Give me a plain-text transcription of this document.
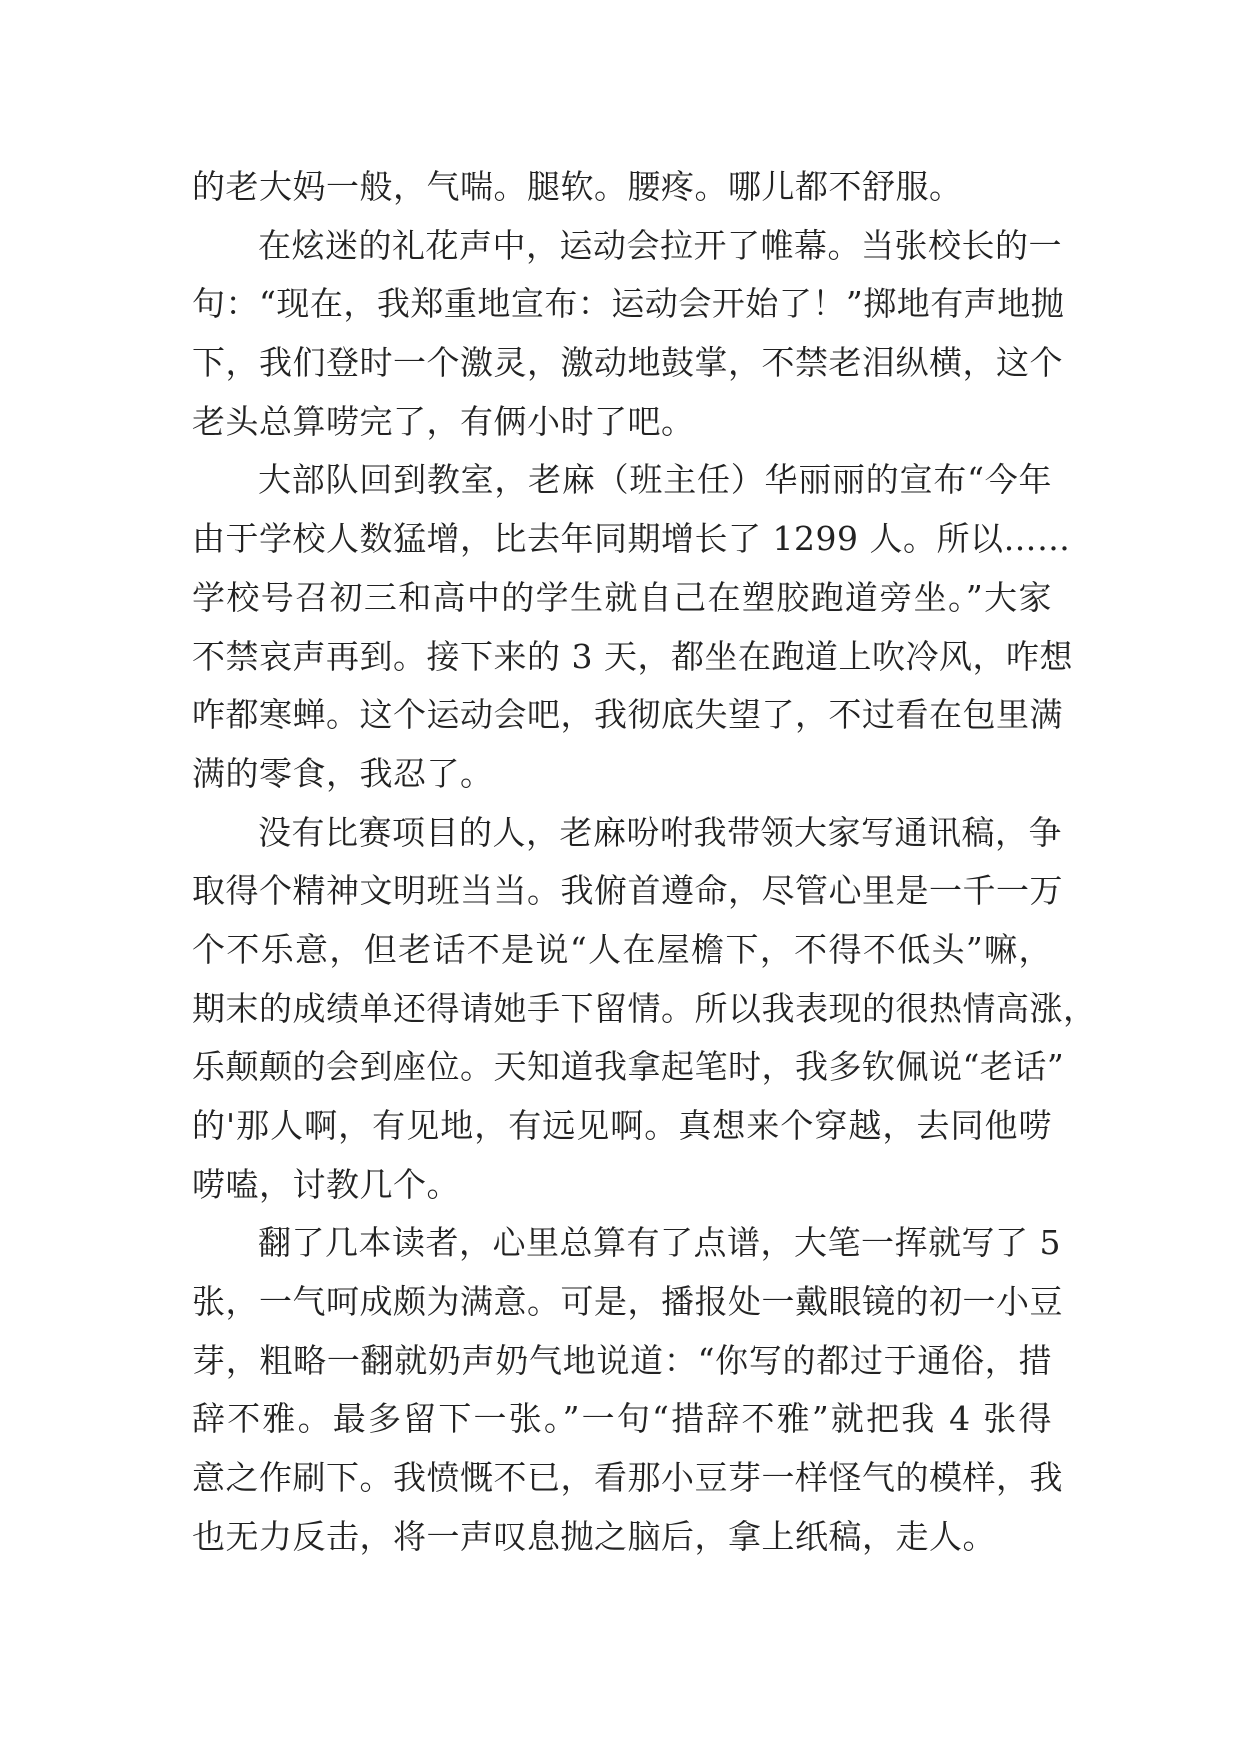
的老大妈一般，气喘。腿软。腰疼。哪儿都不舒服。
在炫迷的礼花声中，运动会拉开了帷幕。当张校长的一
句：“现在，我郑重地宣布：运动会开始了！”掷地有声地抛
下，我们登时一个激灵，激动地鼓掌，不禁老泪纵横，这个
老头总算唠完了，有俩小时了吧。
大部队回到教室，老麻（班主任）华丽丽的宣布“今年
由于学校人数猛增，比去年同期增长了 1299 人。所以……
学校号召初三和高中的学生就自己在塑胶跑道旁坐。”大家
不禁哀声再到。接下来的 3 天，都坐在跑道上吹冷风，咋想
咋都寒蝉。这个运动会吧，我彻底失望了，不过看在包里满
满的零食，我忍了。
没有比赛项目的人，老麻吩咐我带领大家写通讯稿，争
取得个精神文明班当当。我俯首遵命，尽管心里是一千一万
个不乐意，但老话不是说“人在屋檐下，不得不低头”嘛，
期末的成绩单还得请她手下留情。所以我表现的很热情高涨，
乐颠颠的会到座位。天知道我拿起笔时，我多钦佩说“老话”
的'那人啊，有见地，有远见啊。真想来个穿越，去同他唠
唠嗑，讨教几个。
翻了几本读者，心里总算有了点谱，大笔一挥就写了 5
张，一气呵成颇为满意。可是，播报处一戴眼镜的初一小豆
芽，粗略一翻就奶声奶气地说道：“你写的都过于通俗，措
辞不雅。最多留下一张。”一句“措辞不雅”就把我 4 张得
意之作刷下。我愤慨不已，看那小豆芽一样怪气的模样，我
也无力反击，将一声叹息抛之脑后，拿上纸稿，走人。
